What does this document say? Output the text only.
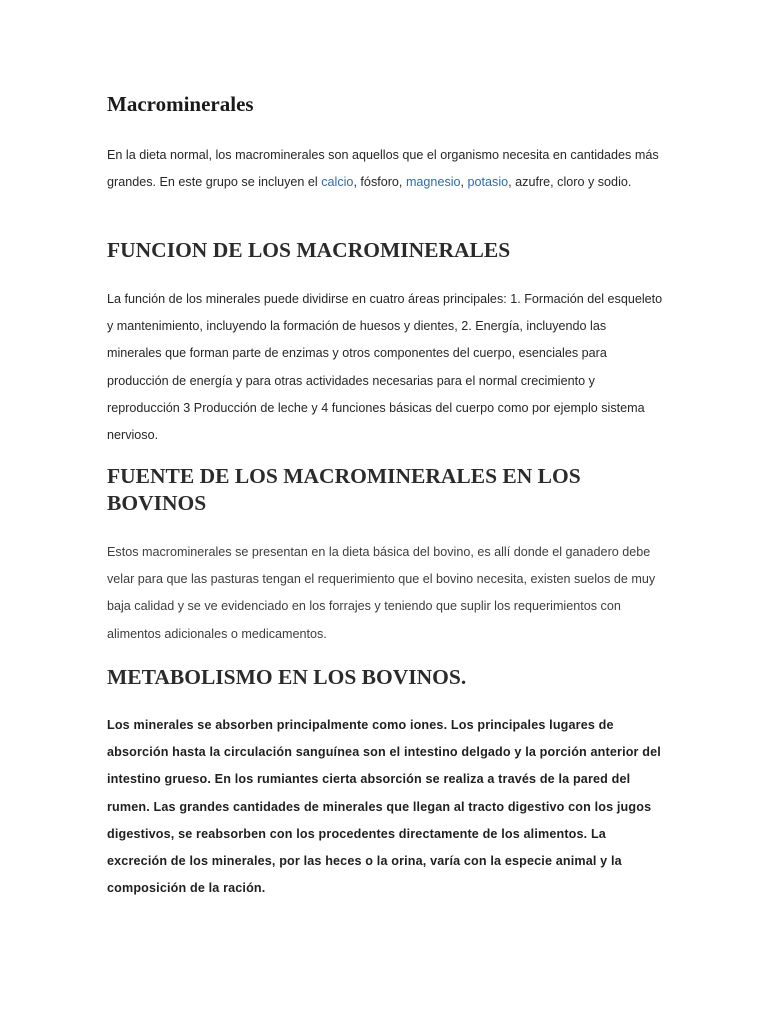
Macrominerales

En la dieta normal, los macrominerales son aquellos que el organismo necesita en cantidades más grandes. En este grupo se incluyen el calcio, fósforo, magnesio, potasio, azufre, cloro y sodio.

FUNCION DE LOS MACROMINERALES

La función de los minerales puede dividirse en cuatro áreas principales: 1. Formación del esqueleto y mantenimiento, incluyendo la formación de huesos y dientes, 2. Energía, incluyendo las minerales que forman parte de enzimas y otros componentes del cuerpo, esenciales para producción de energía y para otras actividades necesarias para el normal crecimiento y reproducción 3 Producción de leche y 4 funciones básicas del cuerpo como por ejemplo sistema nervioso.

FUENTE DE LOS MACROMINERALES EN LOS BOVINOS

Estos macrominerales se presentan en la dieta básica del bovino, es allí donde el ganadero debe velar para que las pasturas tengan el requerimiento que el bovino necesita, existen suelos de muy baja calidad y se ve evidenciado en los forrajes y teniendo que suplir los requerimientos con alimentos adicionales o medicamentos.

METABOLISMO EN LOS BOVINOS.

Los minerales se absorben principalmente como iones. Los principales lugares de absorción hasta la circulación sanguínea son el intestino delgado y la porción anterior del intestino grueso. En los rumiantes cierta absorción se realiza a través de la pared del rumen. Las grandes cantidades de minerales que llegan al tracto digestivo con los jugos digestivos, se reabsorben con los procedentes directamente de los alimentos. La excreción de los minerales, por las heces o la orina, varía con la especie animal y la composición de la ración.
